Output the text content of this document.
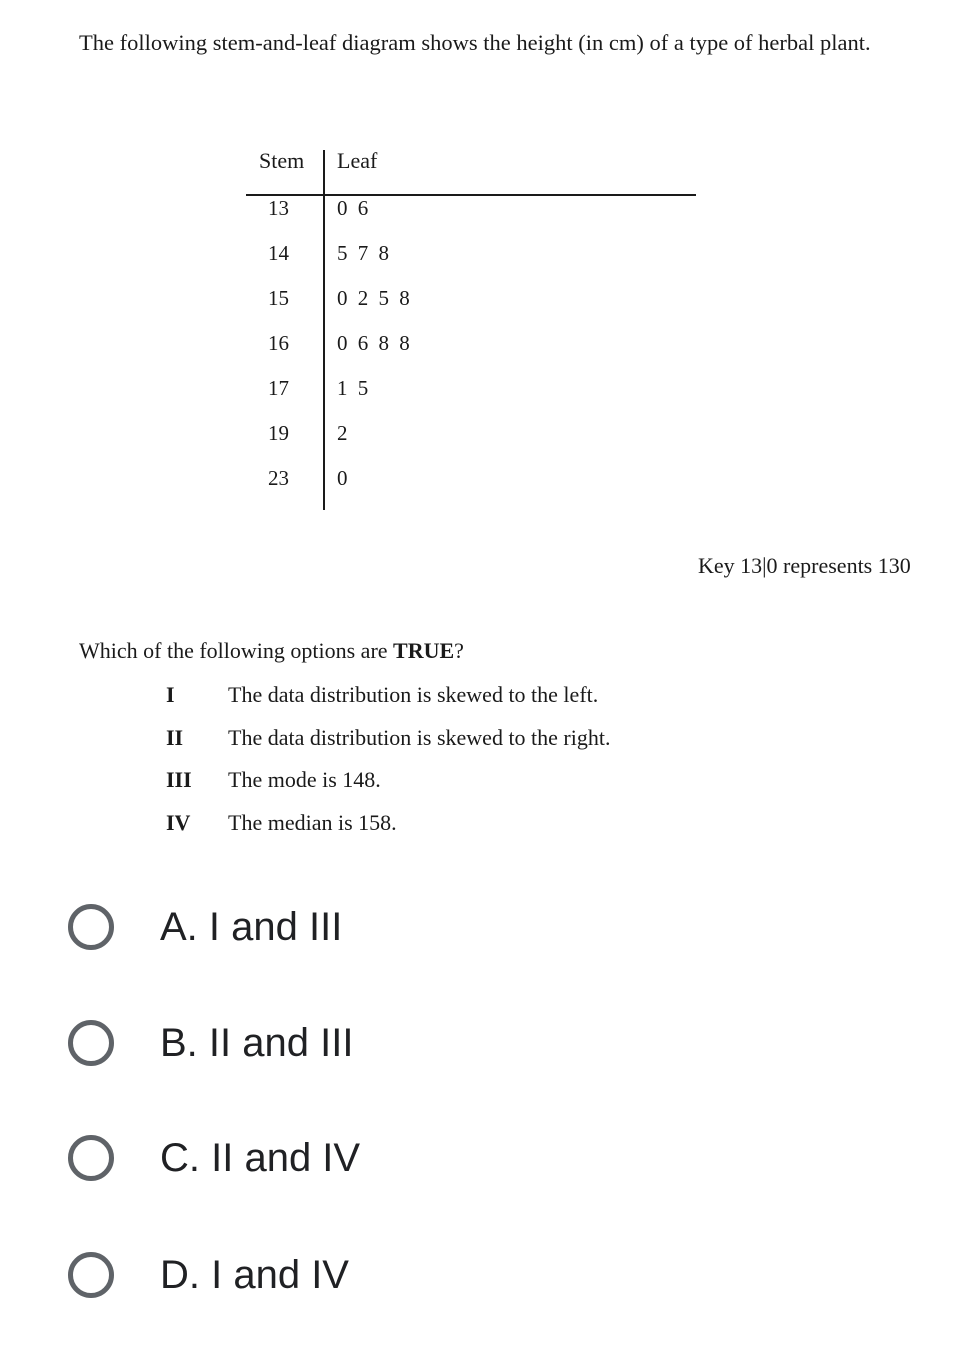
The following stem-and-leaf diagram shows the height (in cm) of a type of herbal plant.

Stem Leaf
13	0 6
14	5 7 8
15	0 2 5 8
16	0 6 8 8
17	1 5
19	2
23	0
Key 13|0 represents 130
Which of the following options are TRUE?
I The data distribution is skewed to the left.
II The data distribution is skewed to the right.
III The mode is 148.
IV The median is 158.
A. I and III
B. II and III
C. II and IV
D. I and IV
